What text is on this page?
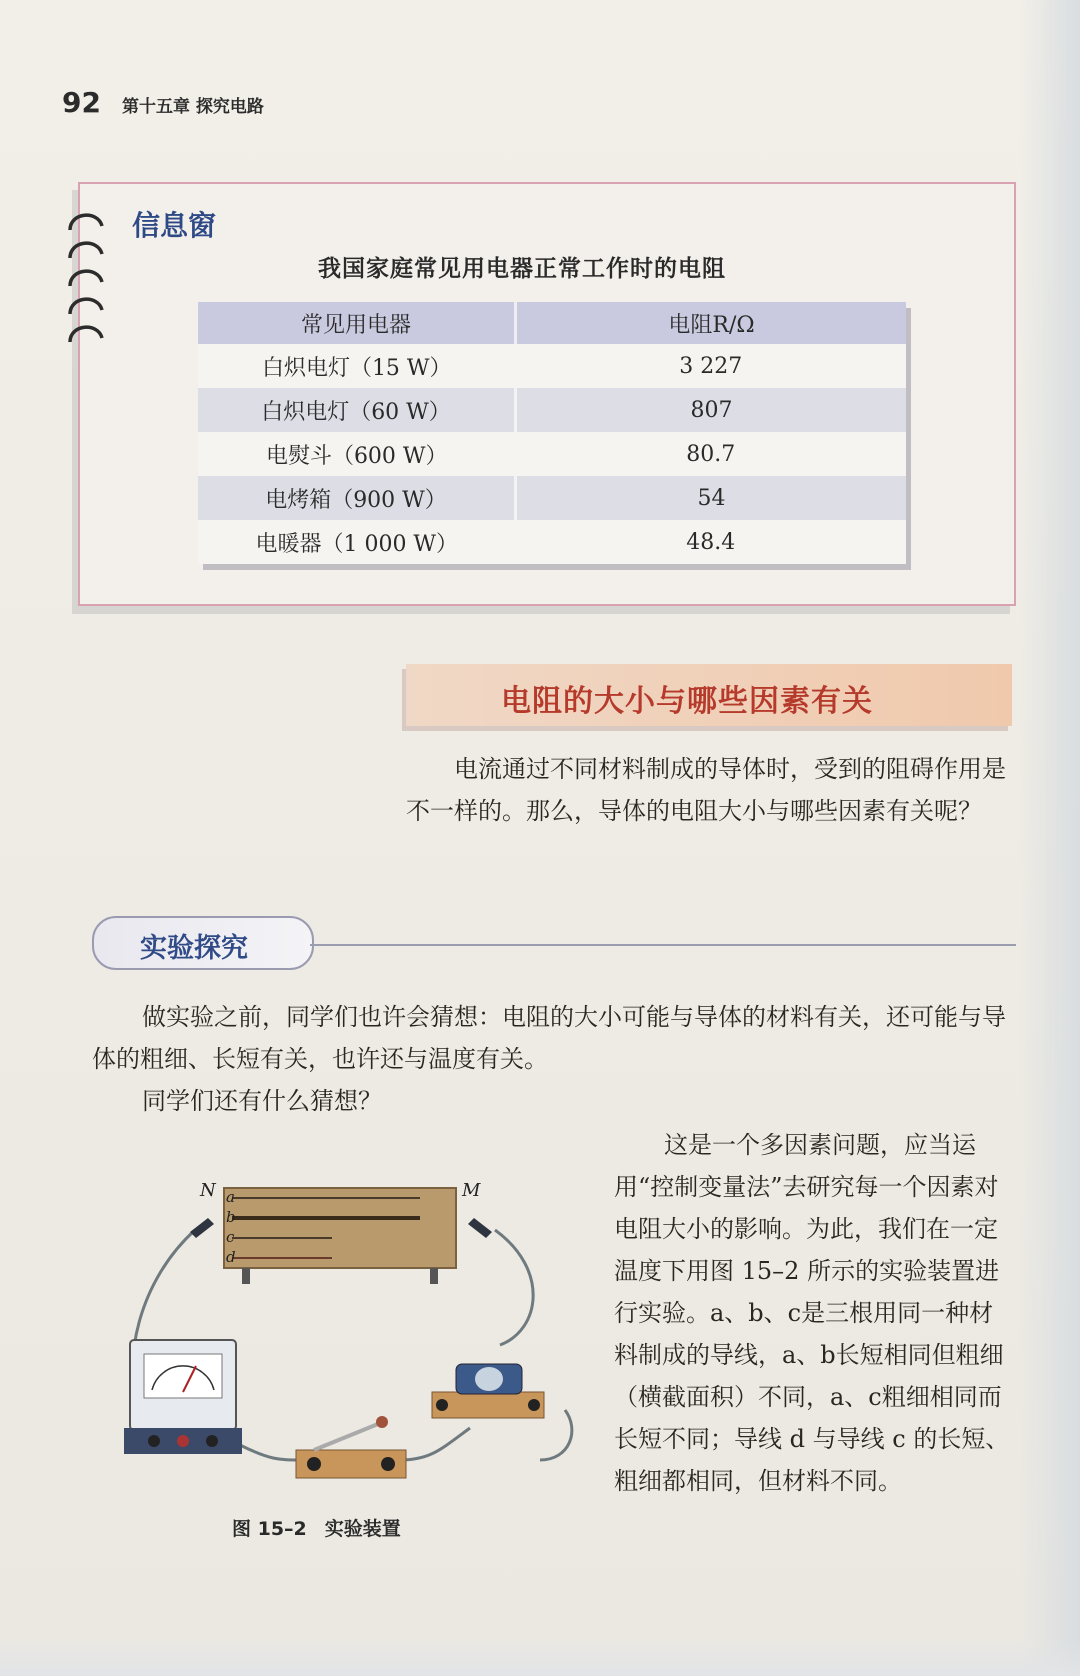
92 第十五章 探究电路
信息窗
我国家庭常见用电器正常工作时的电阻
常见用电器	电阻R/Ω
白炽电灯（15 W）	3 227
白炽电灯（60 W）	807
电熨斗（600 W）	80.7
电烤箱（900 W）	54
电暖器（1 000 W）	48.4
电阻的大小与哪些因素有关

电流通过不同材料制成的导体时，受到的阻碍作用是不一样的。那么，导体的电阻大小与哪些因素有关呢？

实验探究

做实验之前，同学们也许会猜想：电阻的大小可能与导体的材料有关，还可能与导体的粗细、长短有关，也许还与温度有关。

同学们还有什么猜想？

这是一个多因素问题，应当运用“控制变量法”去研究每一个因素对电阻大小的影响。为此，我们在一定温度下用图 15–2 所示的实验装置进行实验。a、b、c是三根用同一种材料制成的导线，a、b长短相同但粗细（横截面积）不同，a、c粗细相同而长短不同；导线 d 与导线 c 的长短、粗细都相同，但材料不同。

N	M
a
b
c
d
图 15–2 实验装置
